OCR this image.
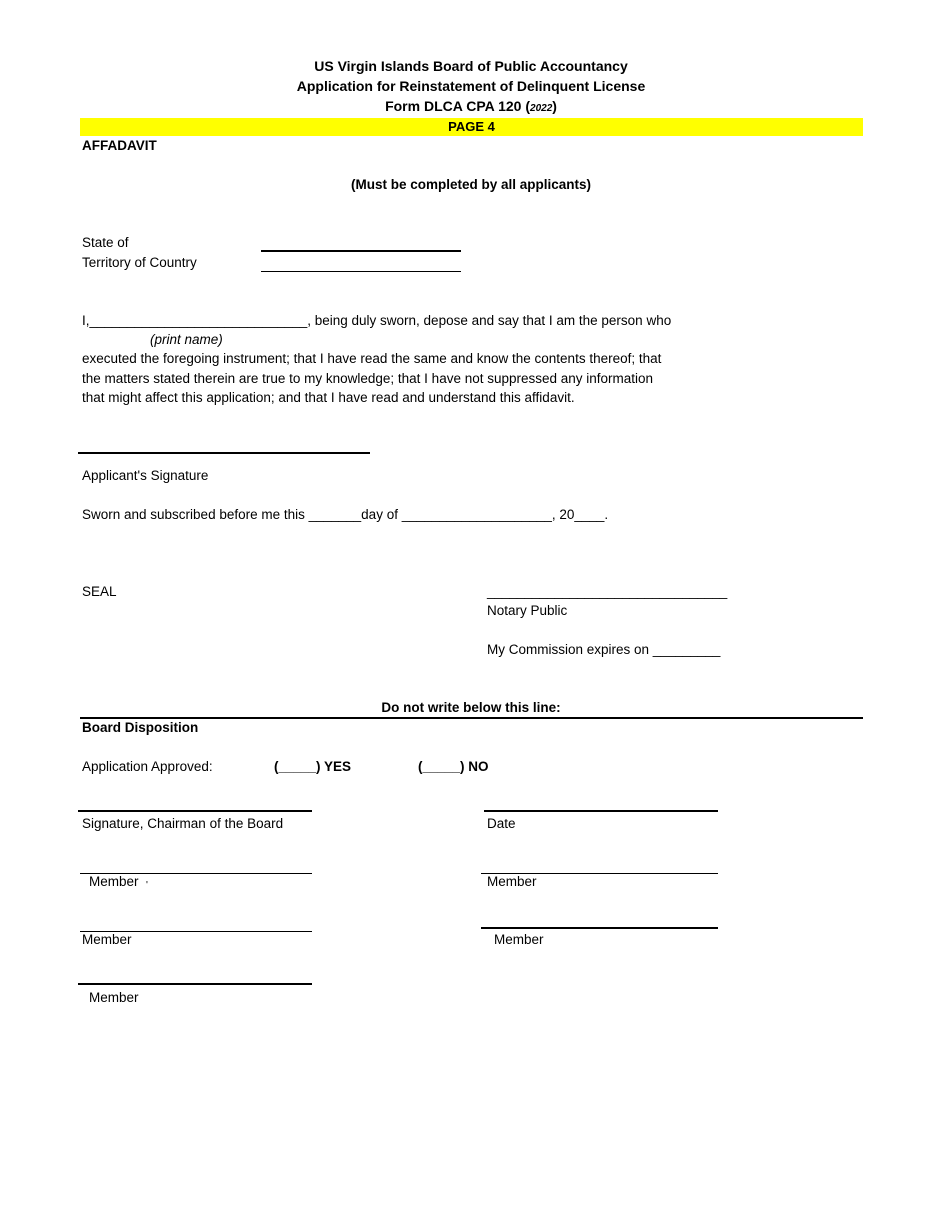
US Virgin Islands Board of Public Accountancy
Application for Reinstatement of Delinquent License
Form DLCA CPA 120 (2022)
PAGE 4
AFFADAVIT
(Must be completed by all applicants)
State of
Territory of Country
I,_____________________________, being duly sworn, depose and say that I am the person who
(print name)
executed the foregoing instrument; that I have read the same and know the contents thereof; that
the matters stated therein are true to my knowledge; that I have not suppressed any information
that might affect this application; and that I have read and understand this affidavit.
Applicant's Signature
Sworn and subscribed before me this _______day of ____________________, 20____.
SEAL	________________________________
Notary Public
My Commission expires on _________
Do not write below this line:
Board Disposition
Application Approved:	(_____) YES	(_____) NO
Signature, Chairman of the Board	Date
Member '	Member
Member	Member
Member
